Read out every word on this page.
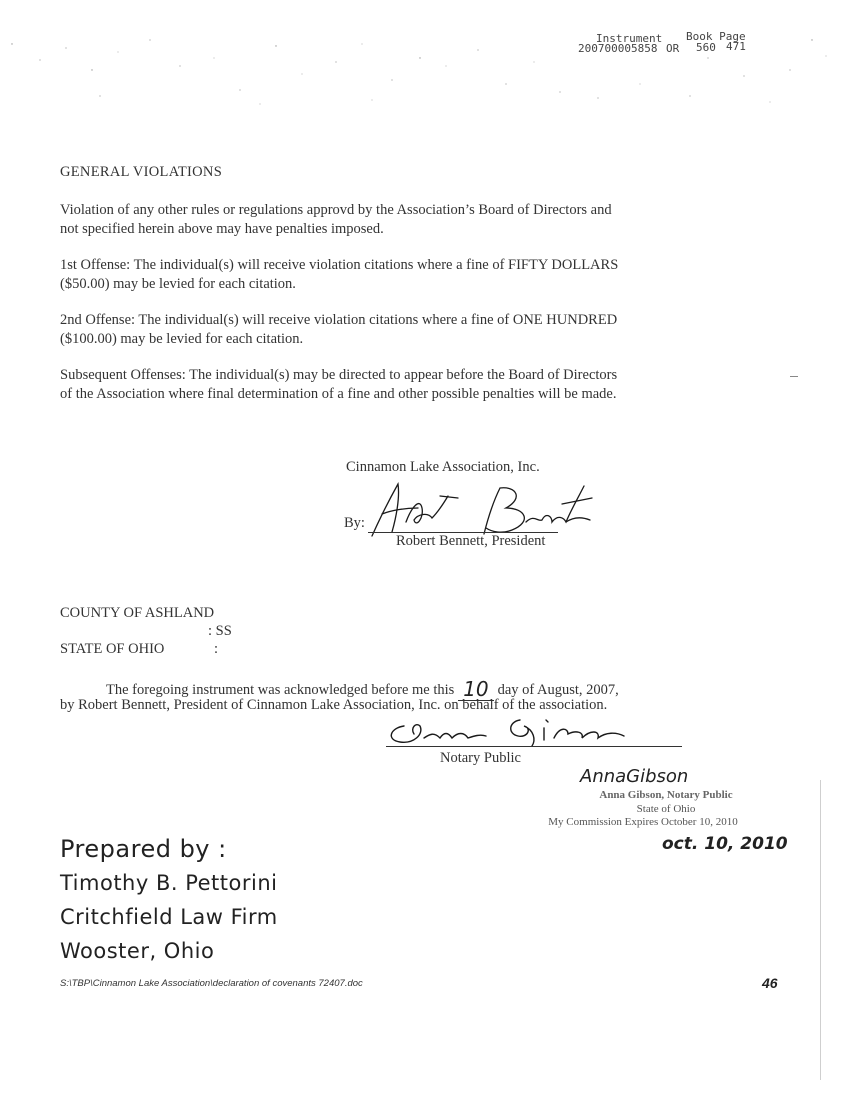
Instrument Book Page
200700005858 OR 560 471
GENERAL VIOLATIONS
Violation of any other rules or regulations approvd by the Association’s Board of Directors and
not specified herein above may have penalties imposed.
1st Offense: The individual(s) will receive violation citations where a fine of FIFTY DOLLARS
($50.00) may be levied for each citation.
2nd Offense: The individual(s) will receive violation citations where a fine of ONE HUNDRED
($100.00) may be levied for each citation.
Subsequent Offenses: The individual(s) may be directed to appear before the Board of Directors
of the Association where final determination of a fine and other possible penalties will be made.
Cinnamon Lake Association, Inc.
By:
Robert Bennett, President
COUNTY OF ASHLAND
: SS
STATE OF OHIO	:
The foregoing instrument was acknowledged before me this 10 day of August, 2007,
by Robert Bennett, President of Cinnamon Lake Association, Inc. on behalf of the association.
Notary Public
AnnaGibson
Anna Gibson, Notary Public
State of Ohio
My Commission Expires October 10, 2010
oct. 10, 2010
Prepared by :
Timothy B. Pettorini
Critchfield Law Firm
Wooster, Ohio
S:\TBP\Cinnamon Lake Association\declaration of covenants 72407.doc	46
